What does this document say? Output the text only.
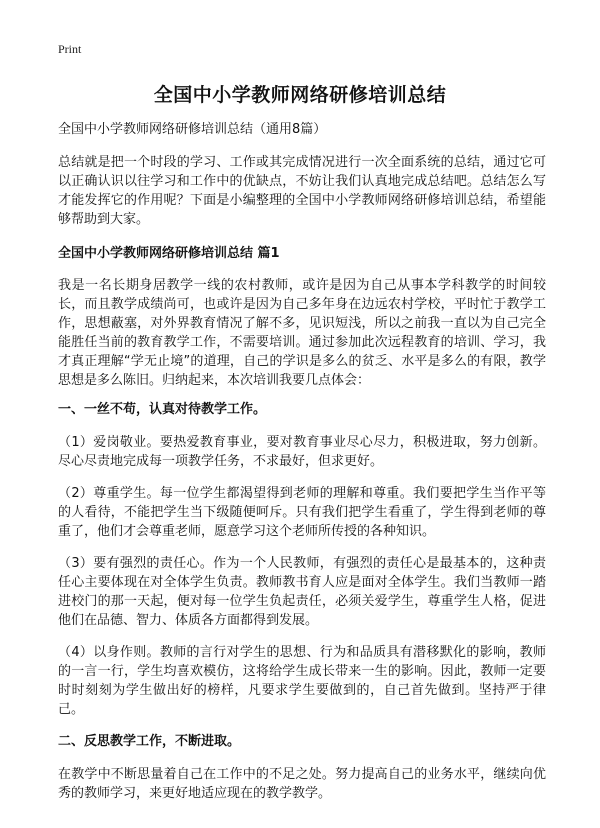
Print
全国中小学教师网络研修培训总结

全国中小学教师网络研修培训总结（通用8篇）

总结就是把一个时段的学习、工作或其完成情况进行一次全面系统的总结，通过它可以正确认识以往学习和工作中的优缺点，不妨让我们认真地完成总结吧。总结怎么写才能发挥它的作用呢？下面是小编整理的全国中小学教师网络研修培训总结，希望能够帮助到大家。

全国中小学教师网络研修培训总结 篇1

我是一名长期身居教学一线的农村教师，或许是因为自己从事本学科教学的时间较长，而且教学成绩尚可，也或许是因为自己多年身在边远农村学校，平时忙于教学工作，思想蔽塞，对外界教育情况了解不多，见识短浅，所以之前我一直以为自己完全能胜任当前的教育教学工作，不需要培训。通过参加此次远程教育的培训、学习，我才真正理解“学无止境”的道理，自己的学识是多么的贫乏、水平是多么的有限，教学思想是多么陈旧。归纳起来，本次培训我要几点体会：

一、一丝不苟，认真对待教学工作。

（1）爱岗敬业。要热爱教育事业，要对教育事业尽心尽力，积极进取，努力创新。尽心尽责地完成每一项教学任务，不求最好，但求更好。

（2）尊重学生。每一位学生都渴望得到老师的理解和尊重。我们要把学生当作平等的人看待，不能把学生当下级随便呵斥。只有我们把学生看重了，学生得到老师的尊重了，他们才会尊重老师，愿意学习这个老师所传授的各种知识。

（3）要有强烈的责任心。作为一个人民教师，有强烈的责任心是最基本的，这种责任心主要体现在对全体学生负责。教师教书育人应是面对全体学生。我们当教师一踏进校门的那一天起，便对每一位学生负起责任，必须关爱学生，尊重学生人格，促进他们在品德、智力、体质各方面都得到发展。

（4）以身作则。教师的言行对学生的思想、行为和品质具有潜移默化的影响，教师的一言一行，学生均喜欢模仿，这将给学生成长带来一生的影响。因此，教师一定要时时刻刻为学生做出好的榜样，凡要求学生要做到的，自己首先做到。坚持严于律己。

二、反思教学工作，不断进取。

在教学中不断思量着自己在工作中的不足之处。努力提高自己的业务水平，继续向优秀的教师学习，来更好地适应现在的教学教学。
